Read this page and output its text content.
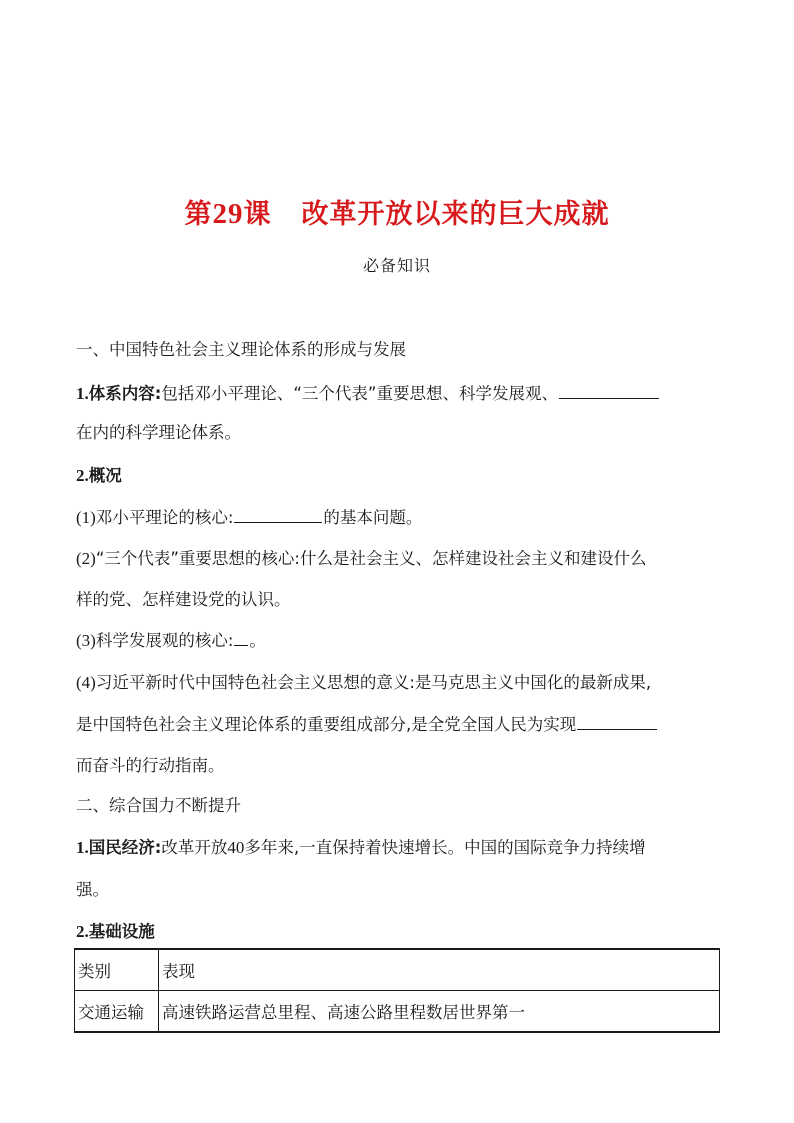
第29课 改革开放以来的巨大成就
必备知识
一、中国特色社会主义理论体系的形成与发展
1.体系内容:包括邓小平理论、“三个代表”重要思想、科学发展观、
在内的科学理论体系。
2.概况
(1)邓小平理论的核心:	的基本问题。
(2)“三个代表”重要思想的核心:什么是社会主义、怎样建设社会主义和建设什么
样的党、怎样建设党的认识。
(3)科学发展观的核心: 。
(4)习近平新时代中国特色社会主义思想的意义:是马克思主义中国化的最新成果,
是中国特色社会主义理论体系的重要组成部分,是全党全国人民为实现
而奋斗的行动指南。
二、综合国力不断提升
1.国民经济:改革开放40多年来,一直保持着快速增长。中国的国际竞争力持续增
强。
2.基础设施
类别	表现
交通运输	高速铁路运营总里程、高速公路里程数居世界第一
